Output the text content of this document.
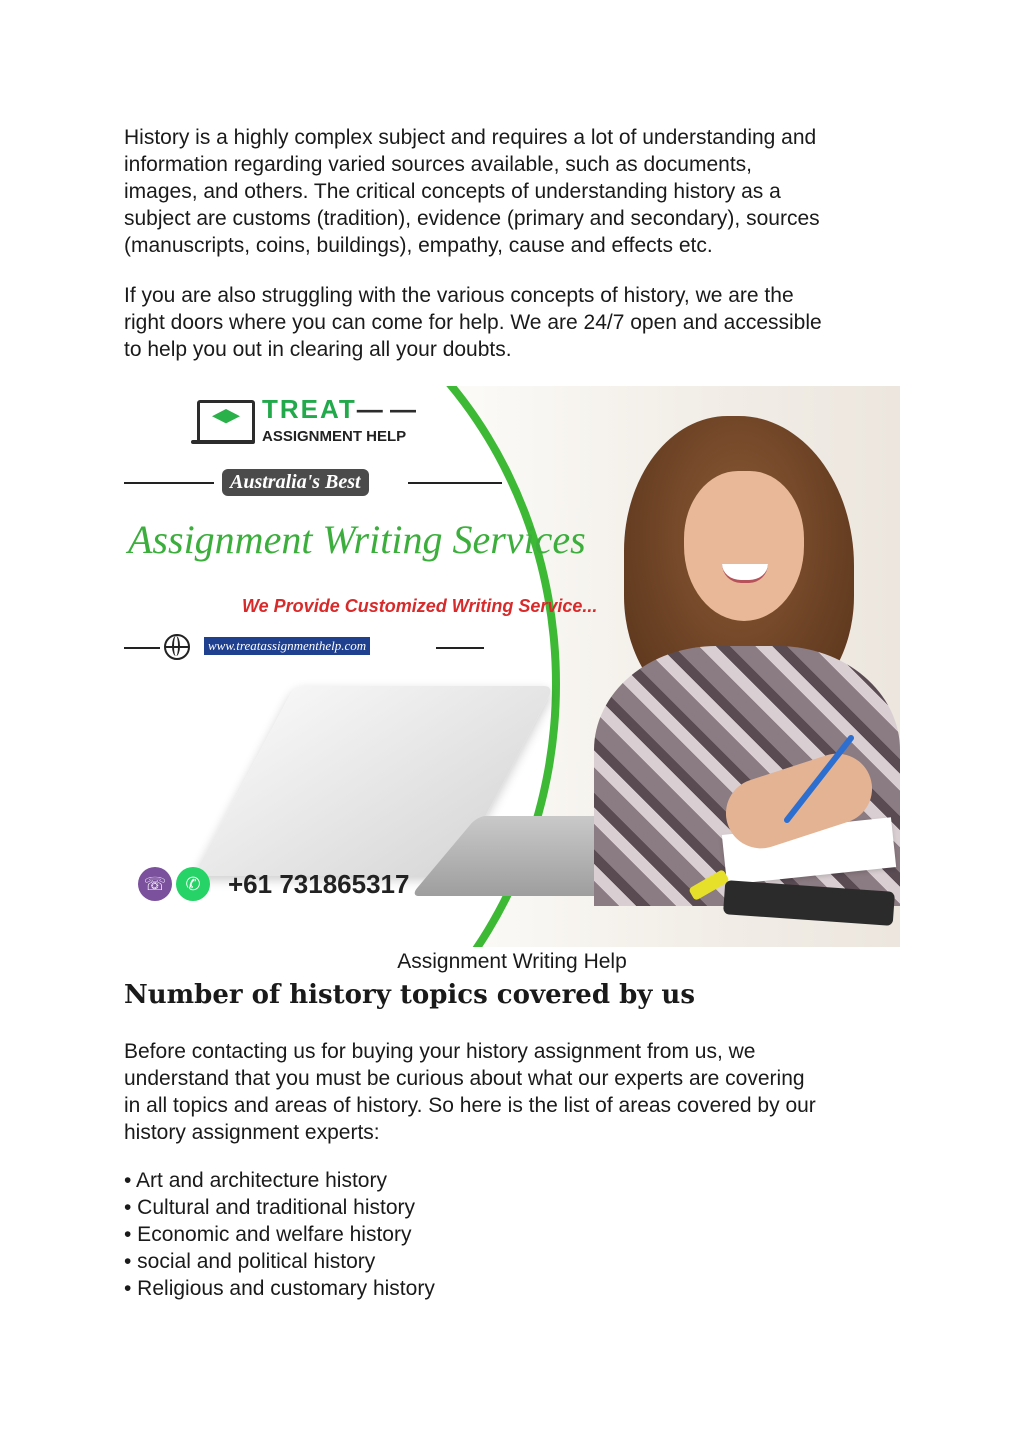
History is a highly complex subject and requires a lot of understanding and
information regarding varied sources available, such as documents,
images, and others. The critical concepts of understanding history as a
subject are customs (tradition), evidence (primary and secondary), sources
(manuscripts, coins, buildings), empathy, cause and effects etc.

If you are also struggling with the various concepts of history, we are the
right doors where you can come for help. We are 24/7 open and accessible
to help you out in clearing all your doubts.

TREAT— —
ASSIGNMENT HELP
Australia's Best
Assignment Writing Services
We Provide Customized Writing Service...
www.treatassignmenthelp.com
☏	✆	+61 731865317
Assignment Writing Help
Number of history topics covered by us

Before contacting us for buying your history assignment from us, we
understand that you must be curious about what our experts are covering
in all topics and areas of history. So here is the list of areas covered by our
history assignment experts:

• Art and architecture history
• Cultural and traditional history
• Economic and welfare history
• social and political history
• Religious and customary history
